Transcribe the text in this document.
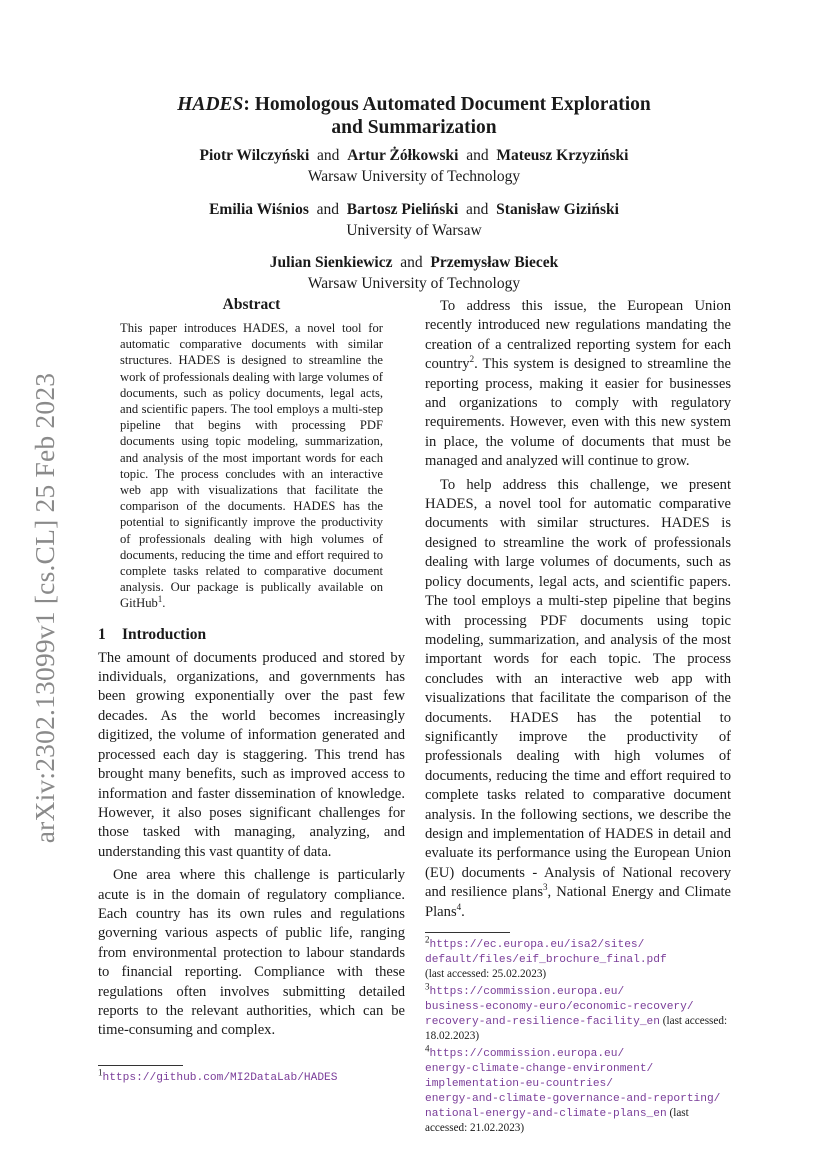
arXiv:2302.13099v1 [cs.CL] 25 Feb 2023
HADES: Homologous Automated Document Exploration
and Summarization
Piotr Wilczyński and Artur Żółkowski and Mateusz Krzyziński
Warsaw University of Technology
Emilia Wiśnios and Bartosz Pieliński and Stanisław Giziński
University of Warsaw
Julian Sienkiewicz and Przemysław Biecek
Warsaw University of Technology
Abstract

This paper introduces HADES, a novel tool for automatic comparative documents with similar structures. HADES is designed to streamline the work of professionals dealing with large volumes of documents, such as policy documents, legal acts, and scientific papers. The tool employs a multi-step pipeline that begins with processing PDF documents using topic modeling, summarization, and analysis of the most important words for each topic. The process concludes with an interactive web app with visualizations that facilitate the comparison of the documents. HADES has the potential to significantly improve the productivity of professionals dealing with high volumes of documents, reducing the time and effort required to complete tasks related to comparative document analysis. Our package is publically available on GitHub$^1$.

1 Introduction

The amount of documents produced and stored by individuals, organizations, and governments has been growing exponentially over the past few decades. As the world becomes increasingly digitized, the volume of information generated and processed each day is staggering. This trend has brought many benefits, such as improved access to information and faster dissemination of knowledge. However, it also poses significant challenges for those tasked with managing, analyzing, and understanding this vast quantity of data.

One area where this challenge is particularly acute is in the domain of regulatory compliance. Each country has its own rules and regulations governing various aspects of public life, ranging from environmental protection to labour standards to financial reporting. Compliance with these regulations often involves submitting detailed reports to the relevant authorities, which can be time-consuming and complex.

$^1$https://github.com/MI2DataLab/HADES

To address this issue, the European Union recently introduced new regulations mandating the creation of a centralized reporting system for each country$^2$. This system is designed to streamline the reporting process, making it easier for businesses and organizations to comply with regulatory requirements. However, even with this new system in place, the volume of documents that must be managed and analyzed will continue to grow.

To help address this challenge, we present HADES, a novel tool for automatic comparative documents with similar structures. HADES is designed to streamline the work of professionals dealing with large volumes of documents, such as policy documents, legal acts, and scientific papers. The tool employs a multi-step pipeline that begins with processing PDF documents using topic modeling, summarization, and analysis of the most important words for each topic. The process concludes with an interactive web app with visualizations that facilitate the comparison of the documents. HADES has the potential to significantly improve the productivity of professionals dealing with high volumes of documents, reducing the time and effort required to complete tasks related to comparative document analysis. In the following sections, we describe the design and implementation of HADES in detail and evaluate its performance using the European Union (EU) documents - Analysis of National recovery and resilience plans$^3$, National Energy and Climate Plans$^4$.

$^2$https://ec.europa.eu/isa2/sites/
default/files/eif_brochure_final.pdf
(last accessed: 25.02.2023)

$^3$https://commission.europa.eu/
business-economy-euro/economic-recovery/
recovery-and-resilience-facility_en (last accessed: 18.02.2023)

$^4$https://commission.europa.eu/
energy-climate-change-environment/
implementation-eu-countries/
energy-and-climate-governance-and-reporting/
national-energy-and-climate-plans_en (last accessed: 21.02.2023)
